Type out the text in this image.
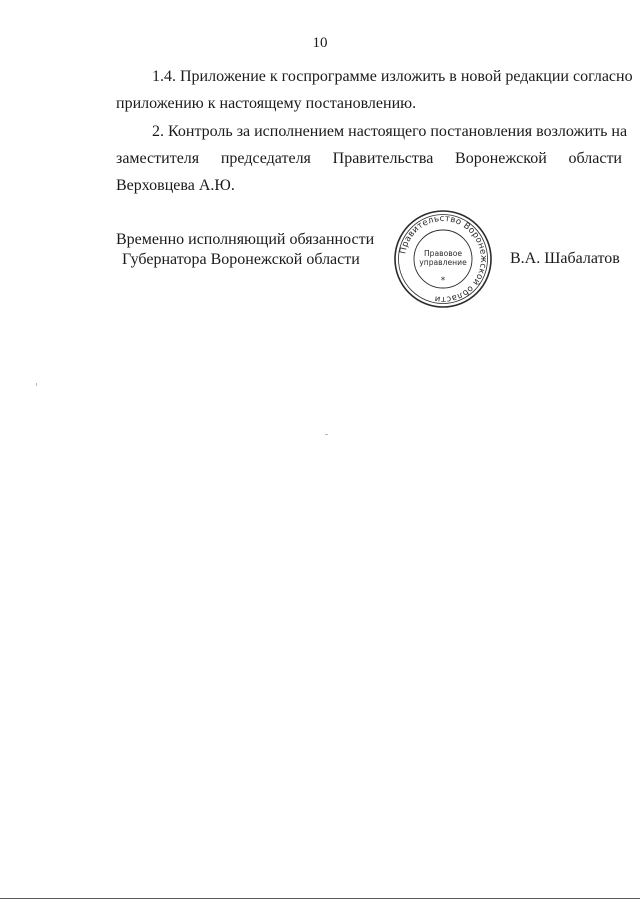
10
1.4. Приложение к госпрограмме изложить в новой редакции согласно
приложению к настоящему постановлению.
2. Контроль за исполнением настоящего постановления возложить на
заместителя председателя Правительства Воронежской области
Верховцева А.Ю.
Временно исполняющий обязанности
Губернатора Воронежской области	В.А. Шабалатов
Правительство Воронежской области
Правовое
управление
*
